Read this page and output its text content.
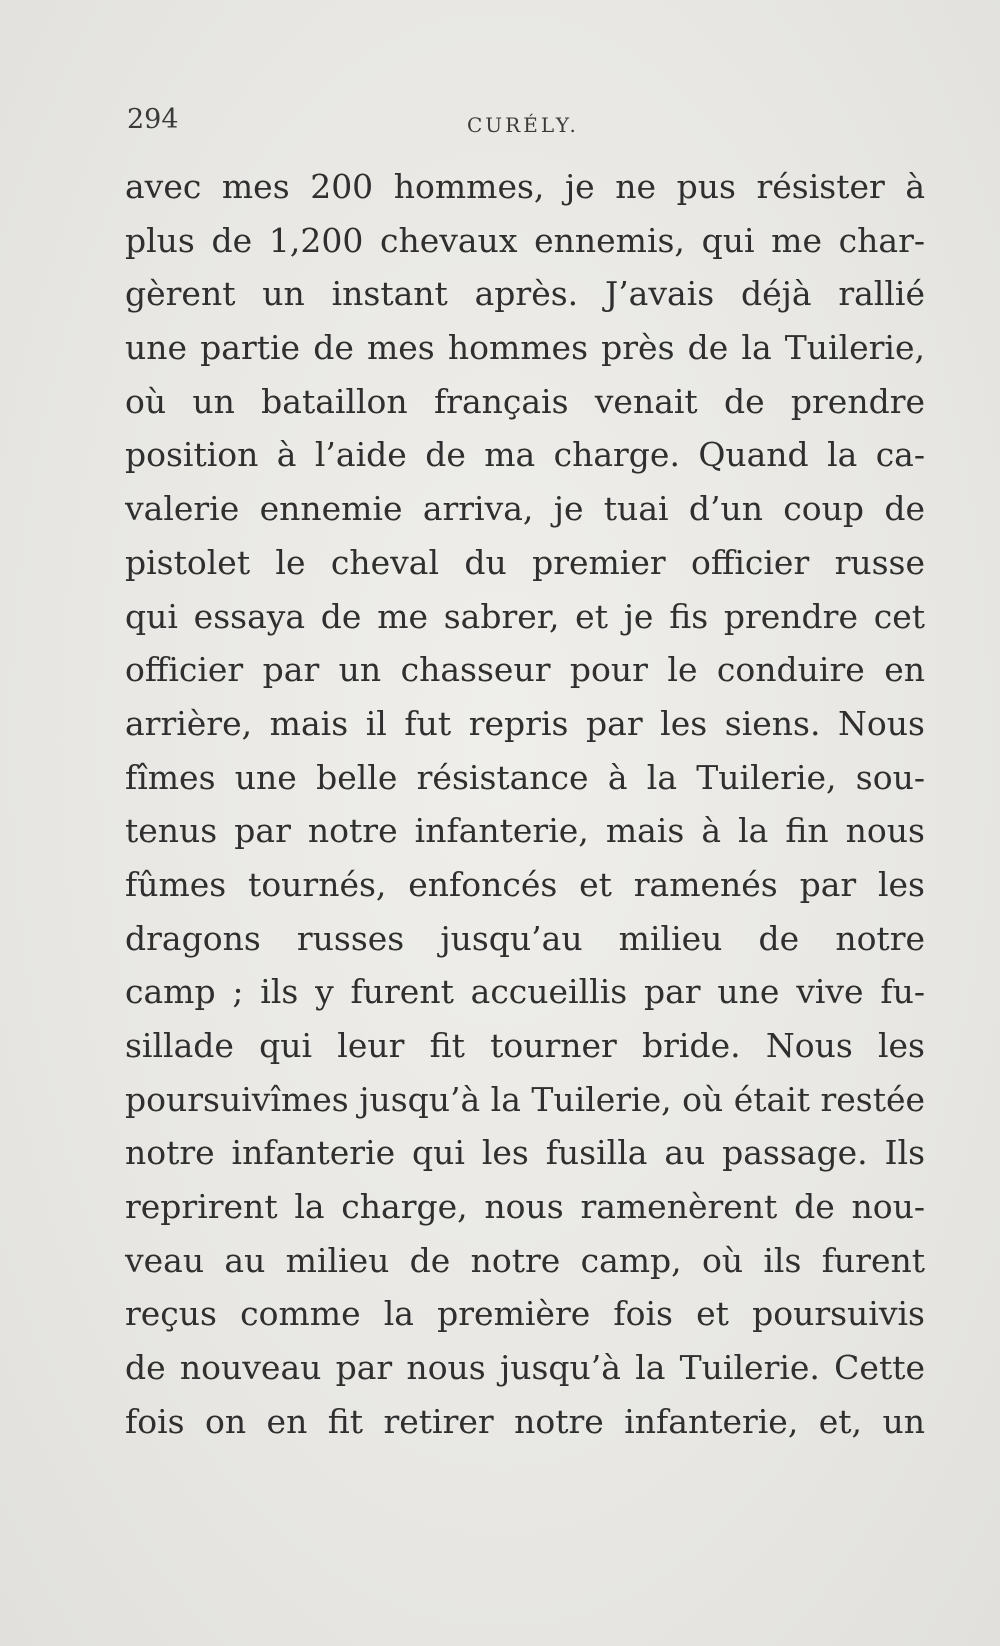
294	CURÉLY.
avec mes 200 hommes, je ne pus résister à
plus de 1,200 chevaux ennemis, qui me char-
gèrent un instant après. J’avais déjà rallié
une partie de mes hommes près de la Tuilerie,
où un bataillon français venait de prendre
position à l’aide de ma charge. Quand la ca-
valerie ennemie arriva, je tuai d’un coup de
pistolet le cheval du premier officier russe
qui essaya de me sabrer, et je fis prendre cet
officier par un chasseur pour le conduire en
arrière, mais il fut repris par les siens. Nous
fîmes une belle résistance à la Tuilerie, sou-
tenus par notre infanterie, mais à la fin nous
fûmes tournés, enfoncés et ramenés par les
dragons russes jusqu’au milieu de notre
camp ; ils y furent accueillis par une vive fu-
sillade qui leur fit tourner bride. Nous les
poursuivîmes jusqu’à la Tuilerie, où était restée
notre infanterie qui les fusilla au passage. Ils
reprirent la charge, nous ramenèrent de nou-
veau au milieu de notre camp, où ils furent
reçus comme la première fois et poursuivis
de nouveau par nous jusqu’à la Tuilerie. Cette
fois on en fit retirer notre infanterie, et, un
